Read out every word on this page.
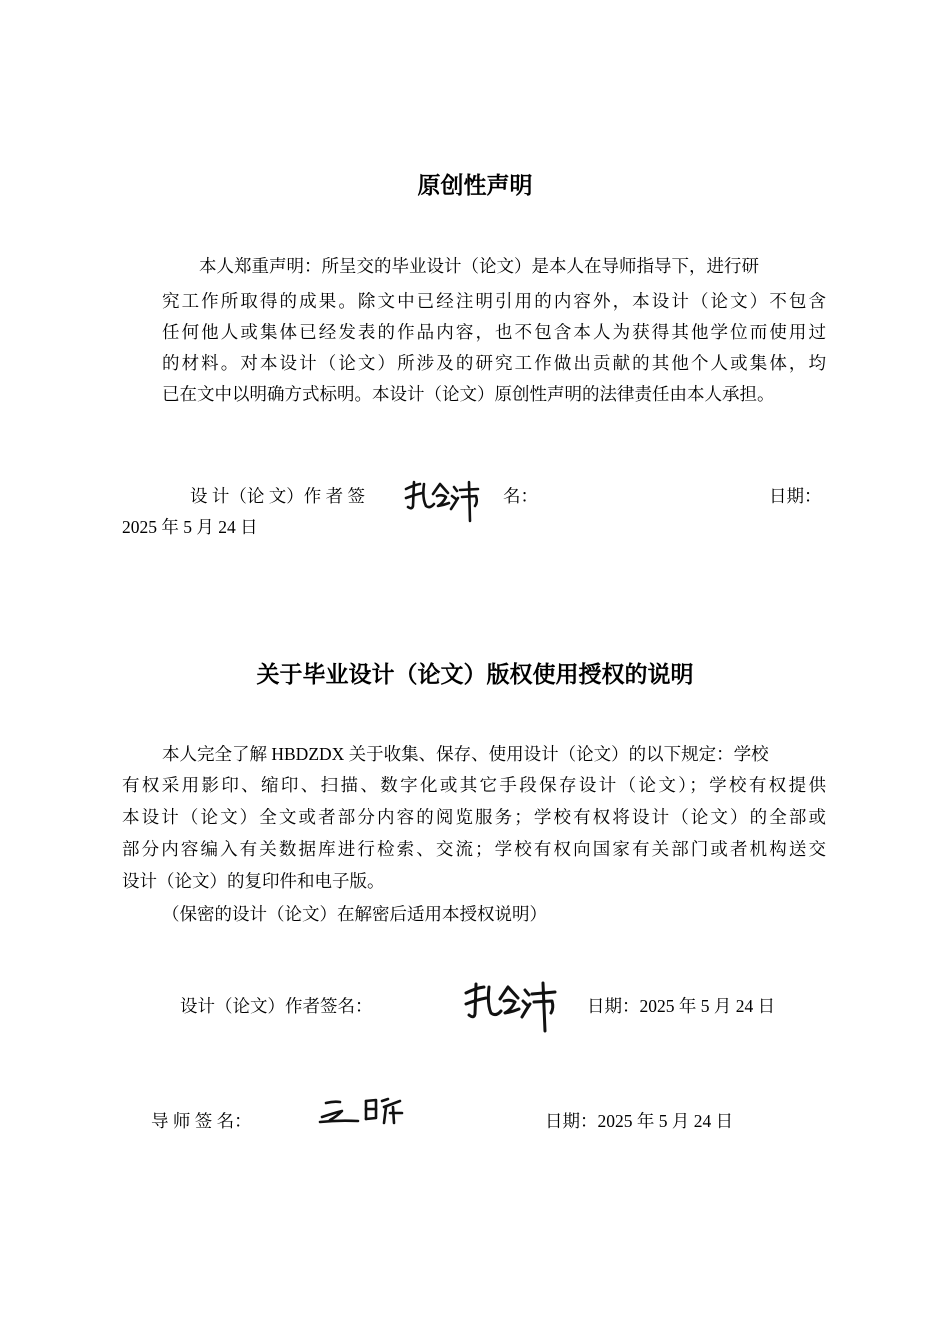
原创性声明
本人郑重声明：所呈交的毕业设计（论文）是本人在导师指导下，进行研
究工作所取得的成果。除文中已经注明引用的内容外，本设计（论文）不包含
任何他人或集体已经发表的作品内容，也不包含本人为获得其他学位而使用过
的材料。对本设计（论文）所涉及的研究工作做出贡献的其他个人或集体，均
已在文中以明确方式标明。本设计（论文）原创性声明的法律责任由本人承担。
设 计（论 文）作 者 签	名：	日期：
2025 年 5 月 24 日
关于毕业设计（论文）版权使用授权的说明
本人完全了解 HBDZDX 关于收集、保存、使用设计（论文）的以下规定：学校
有权采用影印、缩印、扫描、数字化或其它手段保存设计（论文）；学校有权提供
本设计（论文）全文或者部分内容的阅览服务；学校有权将设计（论文）的全部或
部分内容编入有关数据库进行检索、交流；学校有权向国家有关部门或者机构送交
设计（论文）的复印件和电子版。
（保密的设计（论文）在解密后适用本授权说明）
设计（论文）作者签名：	日期：2025 年 5 月 24 日
导 师 签 名：	日期：2025 年 5 月 24 日
